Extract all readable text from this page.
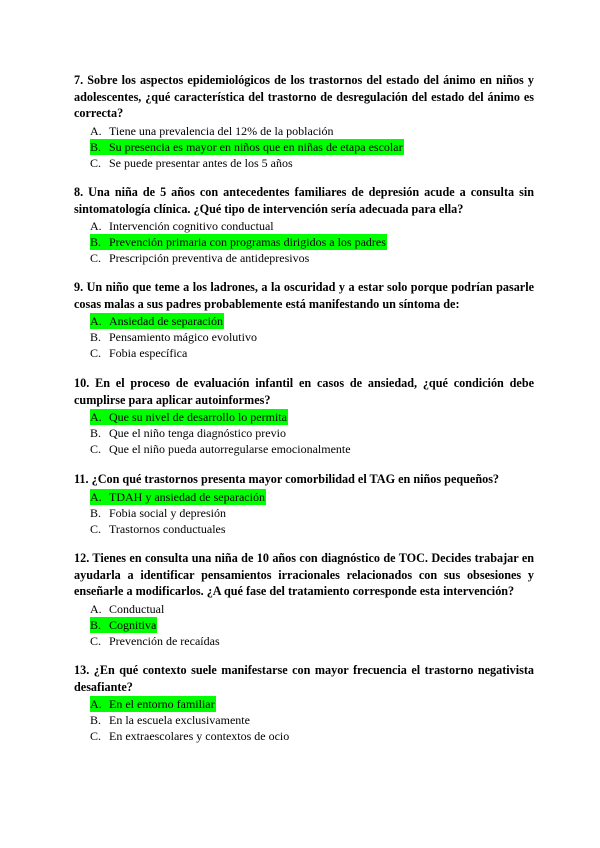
7. Sobre los aspectos epidemiológicos de los trastornos del estado del ánimo en niños y adolescentes, ¿qué característica del trastorno de desregulación del estado del ánimo es correcta?

A. Tiene una prevalencia del 12% de la población
B. Su presencia es mayor en niños que en niñas de etapa escolar
C. Se puede presentar antes de los 5 años

8. Una niña de 5 años con antecedentes familiares de depresión acude a consulta sin sintomatología clínica. ¿Qué tipo de intervención sería adecuada para ella?

A. Intervención cognitivo conductual
B. Prevención primaria con programas dirigidos a los padres
C. Prescripción preventiva de antidepresivos

9. Un niño que teme a los ladrones, a la oscuridad y a estar solo porque podrían pasarle cosas malas a sus padres probablemente está manifestando un síntoma de:

A. Ansiedad de separación
B. Pensamiento mágico evolutivo
C. Fobia específica

10. En el proceso de evaluación infantil en casos de ansiedad, ¿qué condición debe cumplirse para aplicar autoinformes?

A. Que su nivel de desarrollo lo permita
B. Que el niño tenga diagnóstico previo
C. Que el niño pueda autorregularse emocionalmente

11. ¿Con qué trastornos presenta mayor comorbilidad el TAG en niños pequeños?

A. TDAH y ansiedad de separación
B. Fobia social y depresión
C. Trastornos conductuales

12. Tienes en consulta una niña de 10 años con diagnóstico de TOC. Decides trabajar en ayudarla a identificar pensamientos irracionales relacionados con sus obsesiones y enseñarle a modificarlos. ¿A qué fase del tratamiento corresponde esta intervención?

A. Conductual
B. Cognitiva
C. Prevención de recaídas

13. ¿En qué contexto suele manifestarse con mayor frecuencia el trastorno negativista desafiante?

A. En el entorno familiar
B. En la escuela exclusivamente
C. En extraescolares y contextos de ocio
